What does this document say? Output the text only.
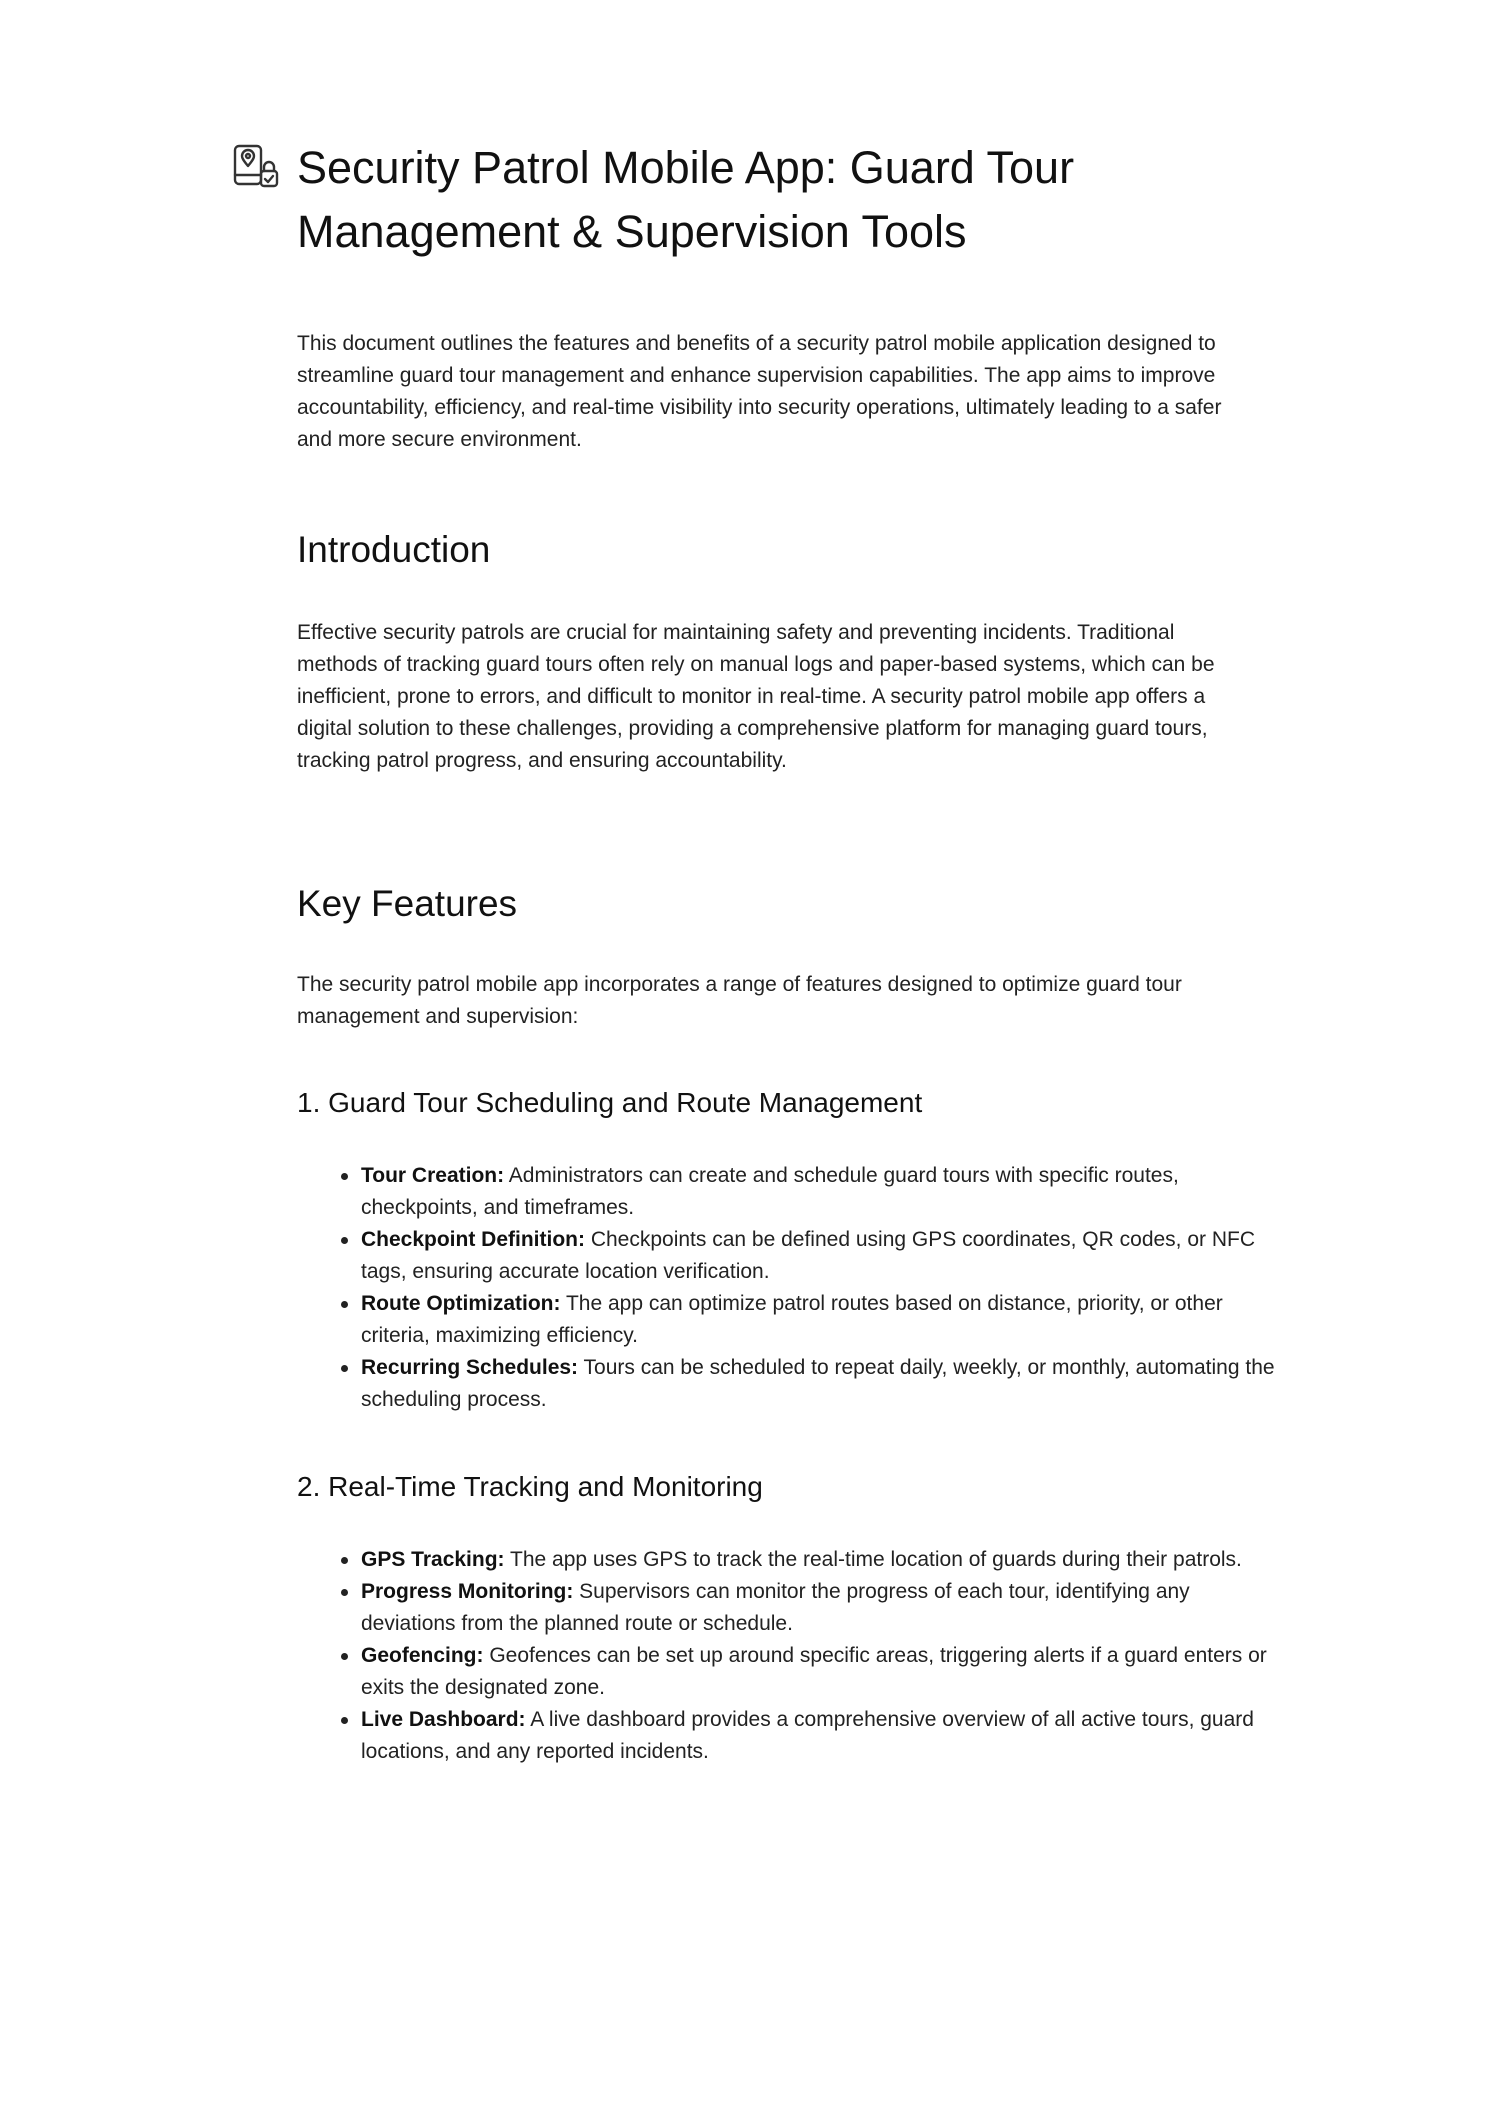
Security Patrol Mobile App: Guard Tour Management & Supervision Tools

This document outlines the features and benefits of a security patrol mobile application designed to streamline guard tour management and enhance supervision capabilities. The app aims to improve accountability, efficiency, and real-time visibility into security operations, ultimately leading to a safer and more secure environment.

Introduction

Effective security patrols are crucial for maintaining safety and preventing incidents. Traditional methods of tracking guard tours often rely on manual logs and paper-based systems, which can be inefficient, prone to errors, and difficult to monitor in real-time. A security patrol mobile app offers a digital solution to these challenges, providing a comprehensive platform for managing guard tours, tracking patrol progress, and ensuring accountability.

Key Features

The security patrol mobile app incorporates a range of features designed to optimize guard tour management and supervision:

1. Guard Tour Scheduling and Route Management
Tour Creation: Administrators can create and schedule guard tours with specific routes, checkpoints, and timeframes.
Checkpoint Definition: Checkpoints can be defined using GPS coordinates, QR codes, or NFC tags, ensuring accurate location verification.
Route Optimization: The app can optimize patrol routes based on distance, priority, or other criteria, maximizing efficiency.
Recurring Schedules: Tours can be scheduled to repeat daily, weekly, or monthly, automating the scheduling process.
2. Real-Time Tracking and Monitoring
GPS Tracking: The app uses GPS to track the real-time location of guards during their patrols.
Progress Monitoring: Supervisors can monitor the progress of each tour, identifying any deviations from the planned route or schedule.
Geofencing: Geofences can be set up around specific areas, triggering alerts if a guard enters or exits the designated zone.
Live Dashboard: A live dashboard provides a comprehensive overview of all active tours, guard locations, and any reported incidents.
